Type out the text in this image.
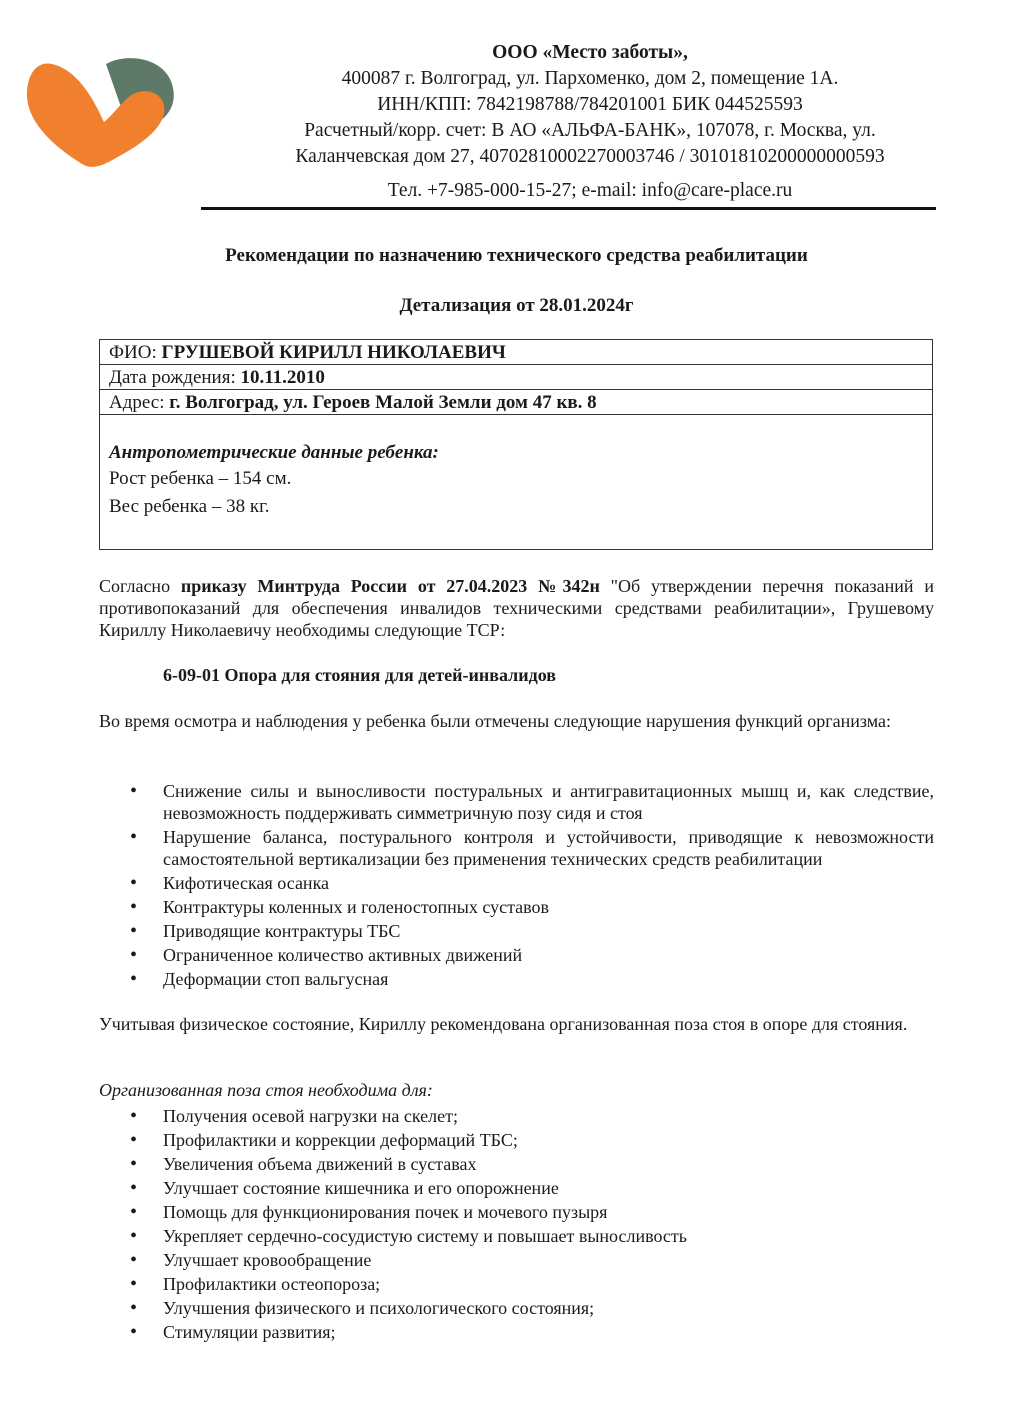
ООО «Место заботы»,
400087 г. Волгоград, ул. Пархоменко, дом 2, помещение 1А.
ИНН/КПП: 7842198788/784201001 БИК 044525593
Расчетный/корр. счет: В АО «АЛЬФА-БАНК», 107078, г. Москва, ул.
Каланчевская дом 27, 40702810002270003746 / 30101810200000000593
Тел. +7-985-000-15-27; e-mail: info@care-place.ru
Рекомендации по назначению технического средства реабилитации
Детализация от 28.01.2024г
ФИО: ГРУШЕВОЙ КИРИЛЛ НИКОЛАЕВИЧ
Дата рождения: 10.11.2010
Адрес: г. Волгоград, ул. Героев Малой Земли дом 47 кв. 8
Антропометрические данные ребенка:
Рост ребенка – 154 см.
Вес ребенка – 38 кг.
Согласно приказу Минтруда России от 27.04.2023 №342н "Об утверждении перечня показаний и противопоказаний для обеспечения инвалидов техническими средствами реабилитации», Грушевому Кириллу Николаевичу необходимы следующие ТСР:
6-09-01 Опора для стояния для детей-инвалидов
Во время осмотра и наблюдения у ребенка были отмечены следующие нарушения функций организма:
• Снижение силы и выносливости постуральных и антигравитационных мышц и, как следствие, невозможность поддерживать симметричную позу сидя и стоя
• Нарушение баланса, постурального контроля и устойчивости, приводящие к невозможности самостоятельной вертикализации без применения технических средств реабилитации
• Кифотическая осанка
• Контрактуры коленных и голеностопных суставов
• Приводящие контрактуры ТБС
• Ограниченное количество активных движений
• Деформации стоп вальгусная
Учитывая физическое состояние, Кириллу рекомендована организованная поза стоя в опоре для стояния.
Организованная поза стоя необходима для:
• Получения осевой нагрузки на скелет;
• Профилактики и коррекции деформаций ТБС;
• Увеличения объема движений в суставах
• Улучшает состояние кишечника и его опорожнение
• Помощь для функционирования почек и мочевого пузыря
• Укрепляет сердечно-сосудистую систему и повышает выносливость
• Улучшает кровообращение
• Профилактики остеопороза;
• Улучшения физического и психологического состояния;
• Стимуляции развития;
